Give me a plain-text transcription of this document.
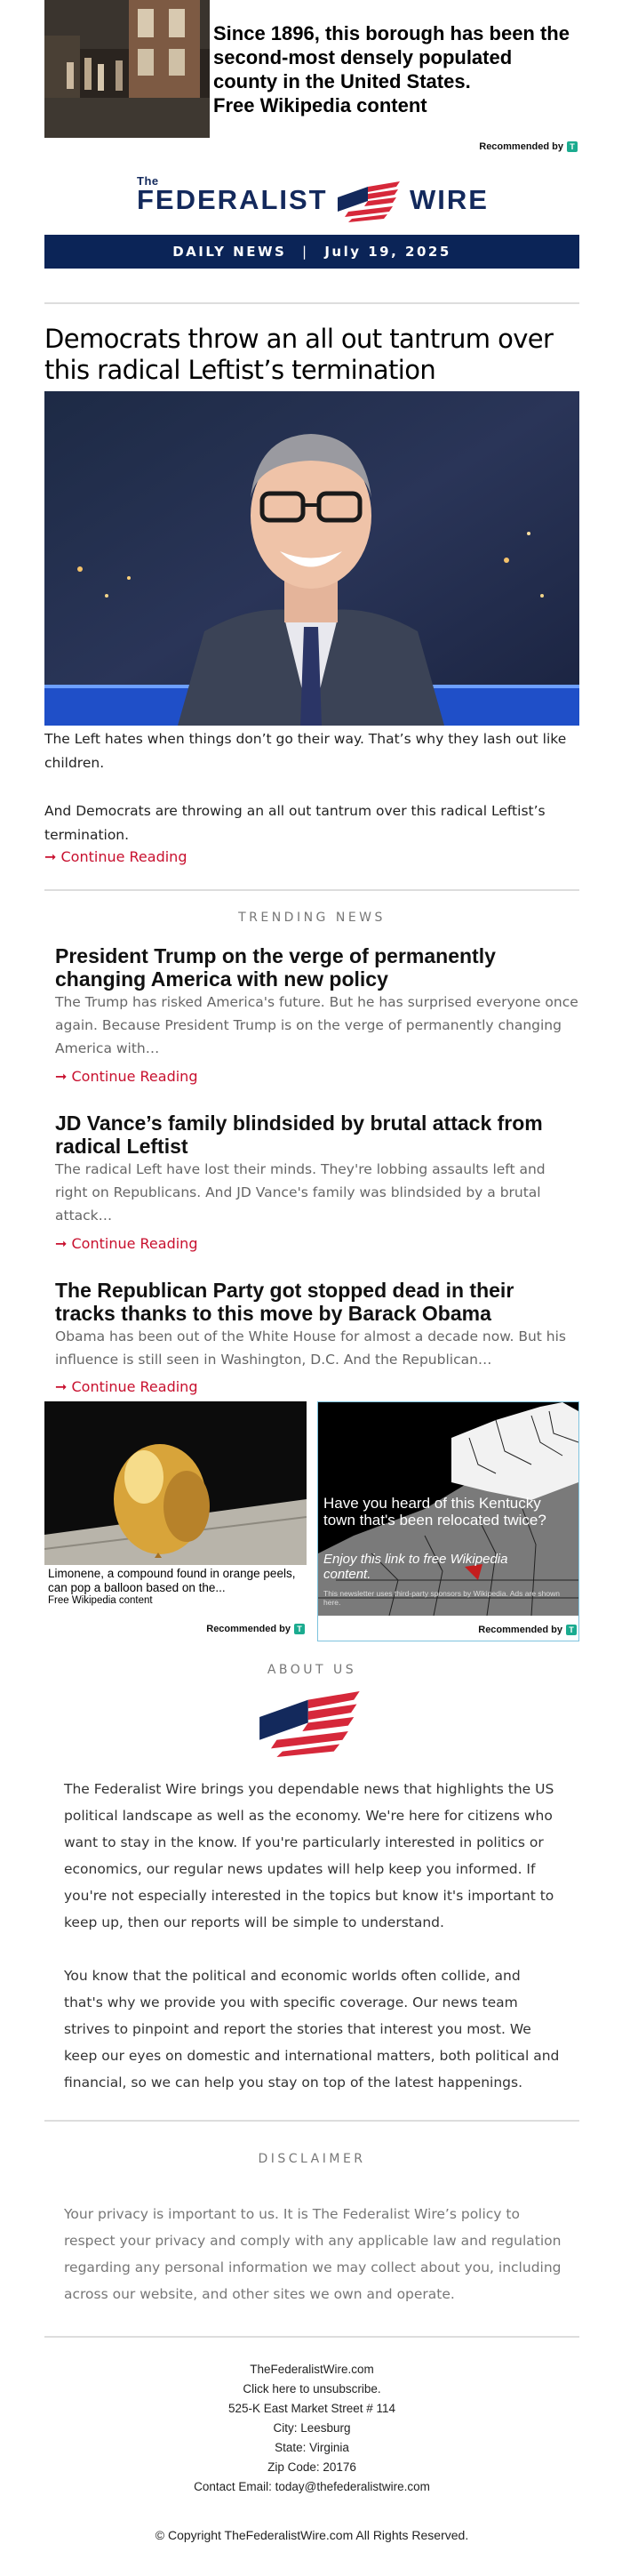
Since 1896, this borough has been the second-most densely populated county in the United States.
Free Wikipedia content
Recommended by T
The
FEDERALIST	WIRE
DAILY NEWS | July 19, 2025
Democrats throw an all out tantrum over this radical Leftist’s termination
The Left hates when things don’t go their way. That’s why they lash out like children.
And Democrats are throwing an all out tantrum over this radical Leftist’s termination.
➞ Continue Reading
TRENDING NEWS
President Trump on the verge of permanently changing America with new policy
The Trump has risked America's future. But he has surprised everyone once again. Because President Trump is on the verge of permanently changing America with…
➞ Continue Reading
JD Vance’s family blindsided by brutal attack from radical Leftist
The radical Left have lost their minds. They're lobbing assaults left and right on Republicans. And JD Vance's family was blindsided by a brutal attack…
➞ Continue Reading
The Republican Party got stopped dead in their tracks thanks to this move by Barack Obama
Obama has been out of the White House for almost a decade now. But his influence is still seen in Washington, D.C. And the Republican…
➞ Continue Reading
Limonene, a compound found in orange peels, can pop a balloon based on the...
Free Wikipedia content
Recommended by T
Have you heard of this Kentucky town that's been relocated twice?
Enjoy this link to free Wikipedia content.
This newsletter uses third-party sponsors by Wikipedia. Ads are shown here.
Recommended by T
ABOUT US
The Federalist Wire brings you dependable news that highlights the US political landscape as well as the economy. We're here for citizens who want to stay in the know. If you're particularly interested in politics or economics, our regular news updates will help keep you informed. If you're not especially interested in the topics but know it's important to keep up, then our reports will be simple to understand.
You know that the political and economic worlds often collide, and that's why we provide you with specific coverage. Our news team strives to pinpoint and report the stories that interest you most. We keep our eyes on domestic and international matters, both political and financial, so we can help you stay on top of the latest happenings.
DISCLAIMER
Your privacy is important to us. It is The Federalist Wire’s policy to respect your privacy and comply with any applicable law and regulation regarding any personal information we may collect about you, including across our website, and other sites we own and operate.
TheFederalistWire.com
Click here to unsubscribe.
525-K East Market Street # 114
City: Leesburg
State: Virginia
Zip Code: 20176
Contact Email: today@thefederalistwire.com
© Copyright TheFederalistWire.com All Rights Reserved.
